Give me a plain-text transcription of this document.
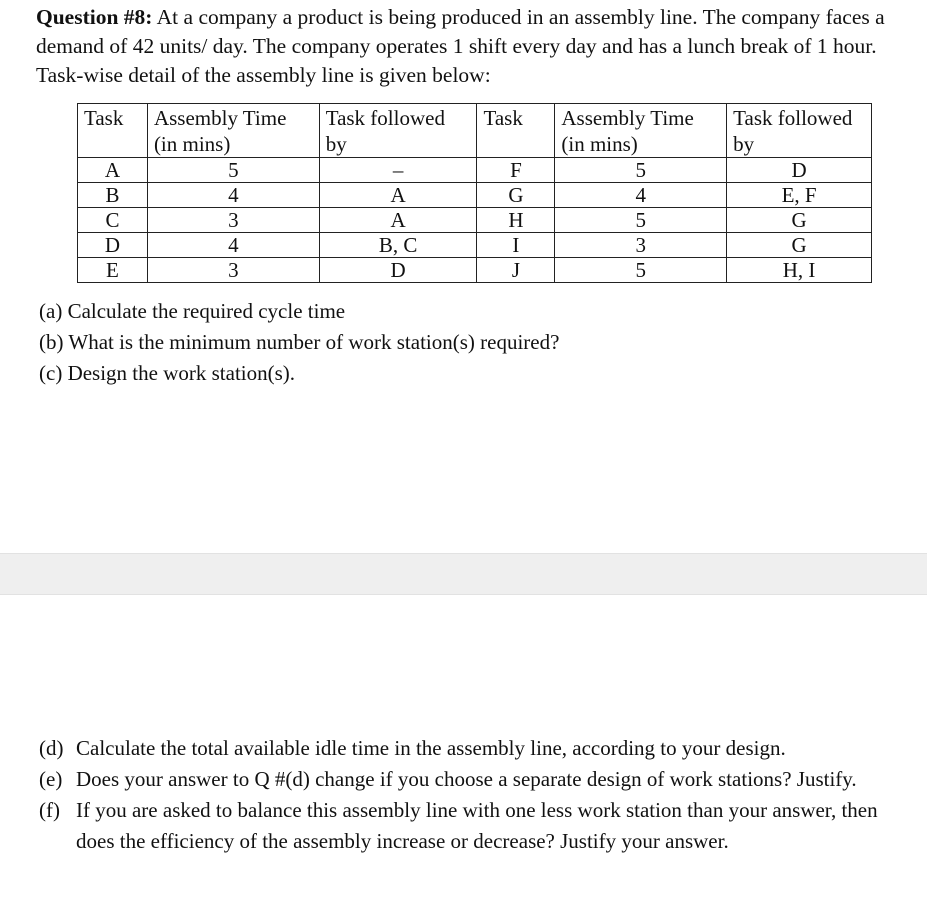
Question #8: At a company a product is being produced in an assembly line. The company faces a demand of 42 units/ day. The company operates 1 shift every day and has a lunch break of 1 hour. Task-wise detail of the assembly line is given below:

Task	Assembly Time (in mins)	Task followed by	Task	Assembly Time (in mins)	Task followed by
A	5	–	F	5	D
B	4	A	G	4	E, F
C	3	A	H	5	G
D	4	B, C	I	3	G
E	3	D	J	5	H, I

(a) Calculate the required cycle time

(b) What is the minimum number of work station(s) required?

(c) Design the work station(s).

(d) Calculate the total available idle time in the assembly line, according to your design.
(e) Does your answer to Q #(d) change if you choose a separate design of work stations? Justify.
(f) If you are asked to balance this assembly line with one less work station than your answer, then does the efficiency of the assembly increase or decrease? Justify your answer.
